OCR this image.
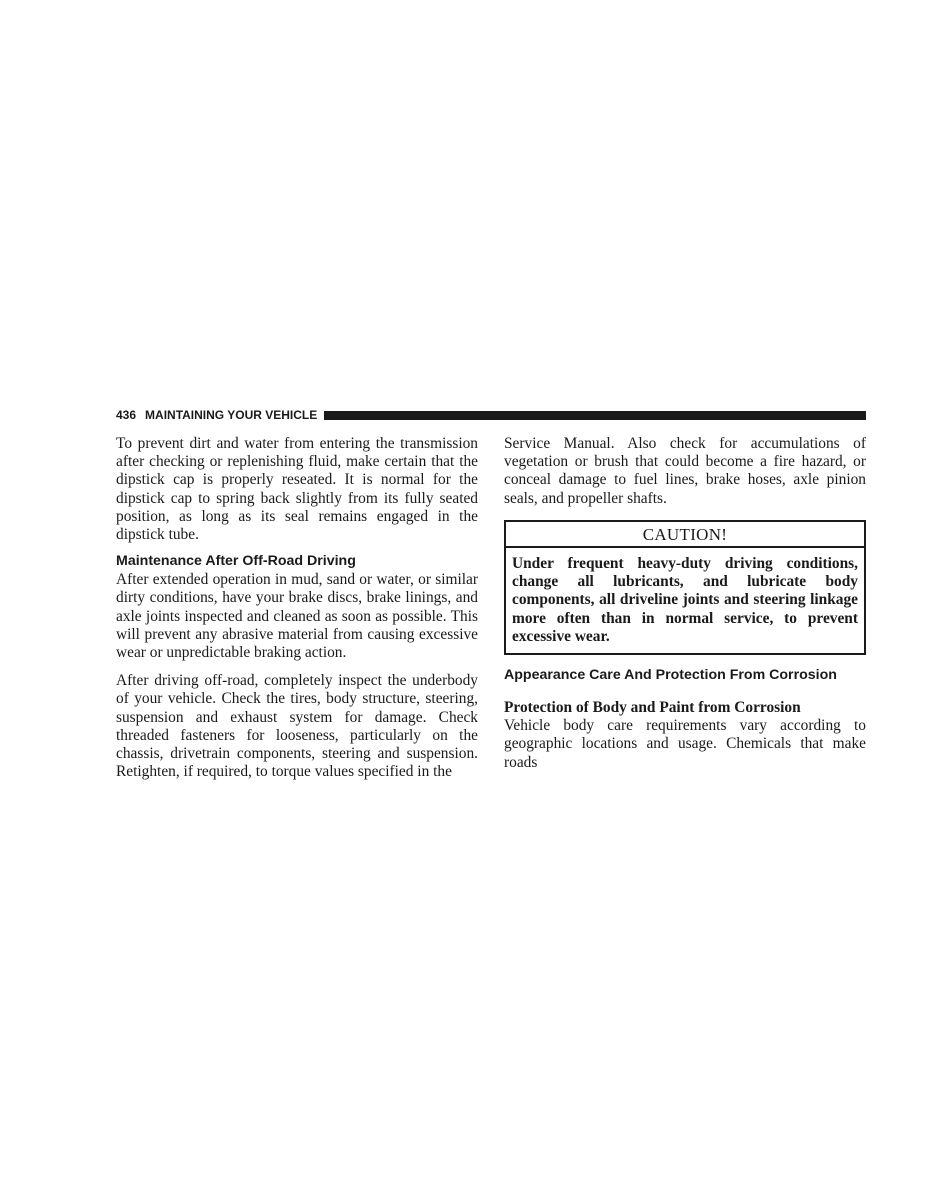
436 MAINTAINING YOUR VEHICLE

To prevent dirt and water from entering the transmission after checking or replenishing fluid, make certain that the dipstick cap is properly reseated. It is normal for the dipstick cap to spring back slightly from its fully seated position, as long as its seal remains engaged in the dipstick tube.

Maintenance After Off-Road Driving

After extended operation in mud, sand or water, or similar dirty conditions, have your brake discs, brake linings, and axle joints inspected and cleaned as soon as possible. This will prevent any abrasive material from causing excessive wear or unpredictable braking action.

After driving off-road, completely inspect the underbody of your vehicle. Check the tires, body structure, steering, suspension and exhaust system for damage. Check threaded fasteners for looseness, particularly on the chassis, drivetrain components, steering and suspension. Retighten, if required, to torque values specified in the

Service Manual. Also check for accumulations of vegetation or brush that could become a fire hazard, or conceal damage to fuel lines, brake hoses, axle pinion seals, and propeller shafts.

CAUTION!
Under frequent heavy-duty driving conditions, change all lubricants, and lubricate body components, all driveline joints and steering linkage more often than in normal service, to prevent excessive wear.
Appearance Care And Protection From Corrosion
Protection of Body and Paint from Corrosion

Vehicle body care requirements vary according to geographic locations and usage. Chemicals that make roads
